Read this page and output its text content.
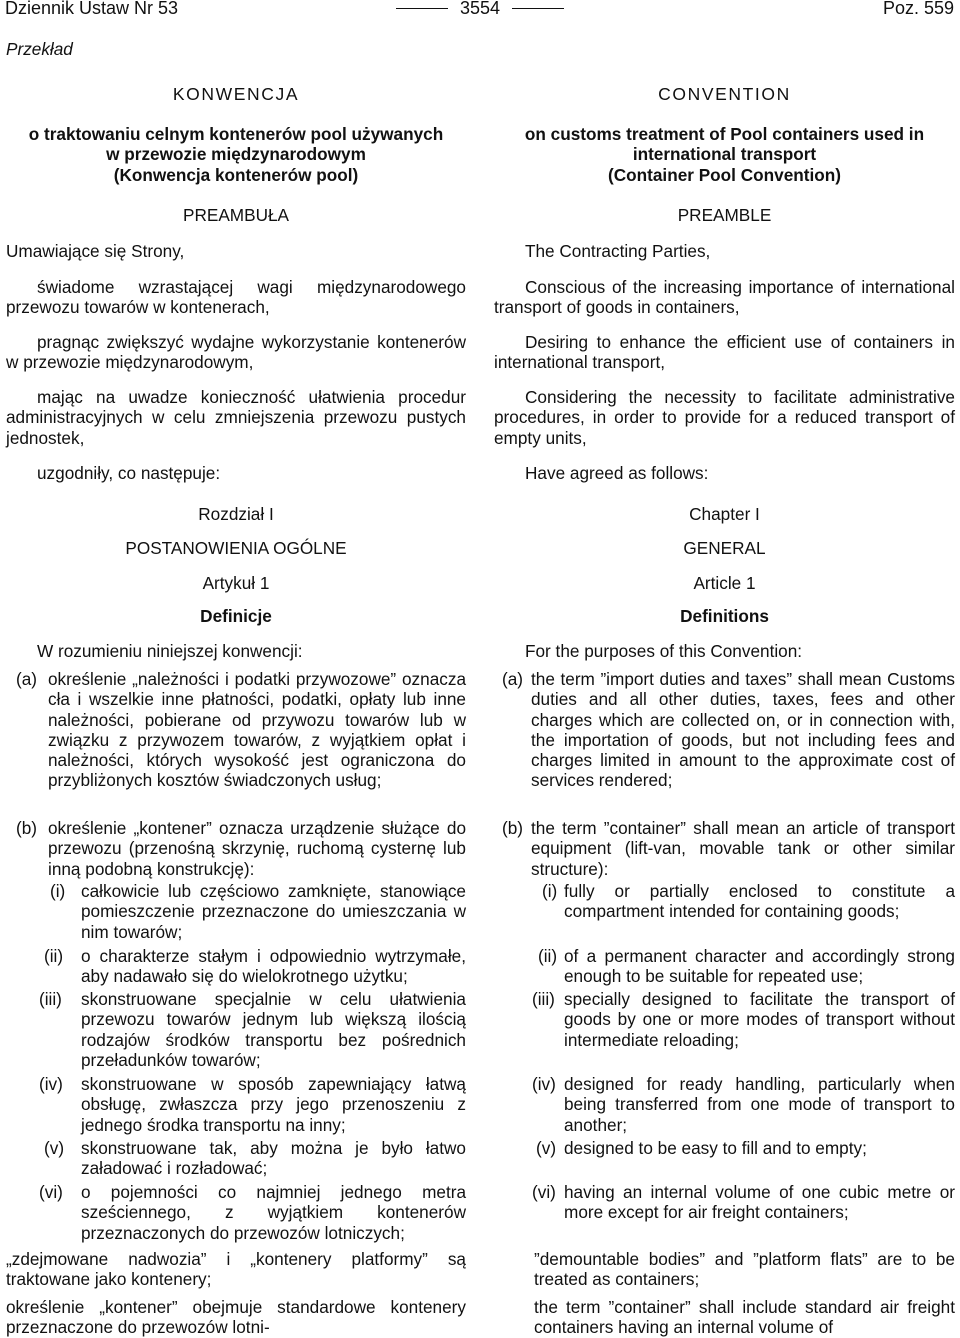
Dziennik Ustaw Nr 53	3554	Poz. 559
Przekład
KONWENCJA
o traktowaniu celnym kontenerów pool używanych
w przewozie międzynarodowym
(Konwencja kontenerów pool)
PREAMBUŁA
Umawiające się Strony,
świadome wzrastającej wagi międzynarodowego przewozu towarów w kontenerach,
pragnąc zwiększyć wydajne wykorzystanie kontenerów w przewozie międzynarodowym,
mając na uwadze konieczność ułatwienia procedur administracyjnych w celu zmniejszenia przewozu pustych jednostek,
uzgodniły, co następuje:
Rozdział I
POSTANOWIENIA OGÓLNE
Artykuł 1
Definicje
W rozumieniu niniejszej konwencji:
(a) określenie „należności i podatki przywozowe” oznacza cła i wszelkie inne płatności, podatki, opłaty lub inne należności, pobierane od przywozu towarów lub w związku z przywozem towarów, z wyjątkiem opłat i należności, których wysokość jest ograniczona do przybliżonych kosztów świadczonych usług;
(b) określenie „kontener” oznacza urządzenie służące do przewozu (przenośną skrzynię, ruchomą cysternę lub inną podobną konstrukcję):
(i) całkowicie lub częściowo zamknięte, stanowiące pomieszczenie przeznaczone do umieszczania w nim towarów;
(ii) o charakterze stałym i odpowiednio wytrzymałe, aby nadawało się do wielokrotnego użytku;
(iii) skonstruowane specjalnie w celu ułatwienia przewozu towarów jednym lub większą ilością rodzajów środków transportu bez pośrednich przeładunków towarów;
(iv) skonstruowane w sposób zapewniający łatwą obsługę, zwłaszcza przy jego przenoszeniu z jednego środka transportu na inny;
(v) skonstruowane tak, aby można je było łatwo załadować i rozładować;
(vi) o pojemności co najmniej jednego metra sześciennego, z wyjątkiem kontenerów przeznaczonych do przewozów lotniczych;
„zdejmowane nadwozia” i „kontenery platformy” są traktowane jako kontenery;
określenie „kontener” obejmuje standardowe kontenery przeznaczone do przewozów lotni-
CONVENTION
on customs treatment of Pool containers used in
international transport
(Container Pool Convention)
PREAMBLE
The Contracting Parties,
Conscious of the increasing importance of international transport of goods in containers,
Desiring to enhance the efficient use of containers in international transport,
Considering the necessity to facilitate administrative procedures, in order to provide for a reduced transport of empty units,
Have agreed as follows:
Chapter I
GENERAL
Article 1
Definitions
For the purposes of this Convention:
(a) the term ”import duties and taxes” shall mean Customs duties and all other duties, taxes, fees and other charges which are collected on, or in connection with, the importation of goods, but not including fees and charges limited in amount to the approximate cost of services rendered;
(b) the term ”container” shall mean an article of transport equipment (lift-van, movable tank or other similar structure):
(i) fully or partially enclosed to constitute a compartment intended for containing goods;
(ii) of a permanent character and accordingly strong enough to be suitable for repeated use;
(iii) specially designed to facilitate the transport of goods by one or more modes of transport without intermediate reloading;
(iv) designed for ready handling, particularly when being transferred from one mode of transport to another;
(v) designed to be easy to fill and to empty;
(vi) having an internal volume of one cubic metre or more except for air freight containers;
”demountable bodies” and ”platform flats” are to be treated as containers;
the term ”container” shall include standard air freight containers having an internal volume of
